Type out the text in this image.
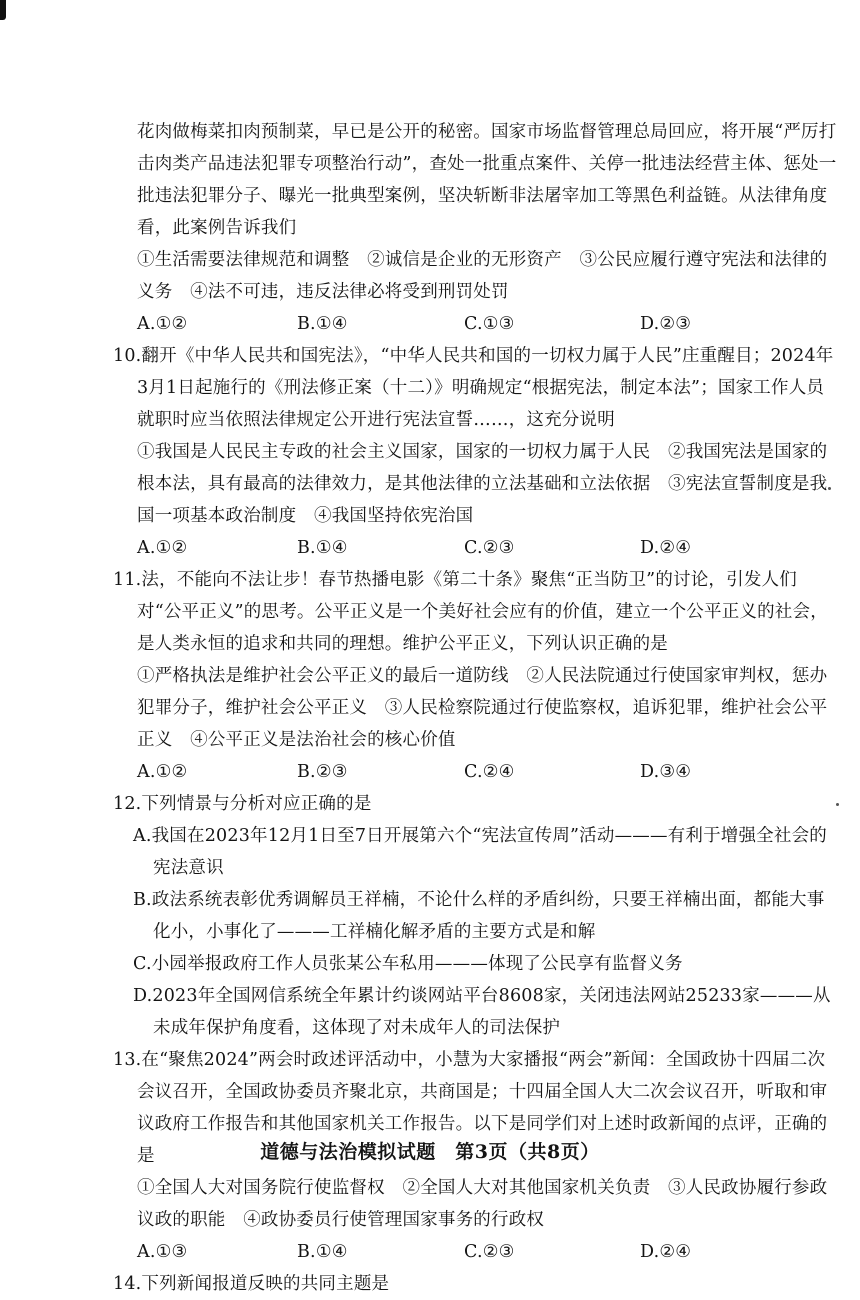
花肉做梅菜扣肉预制菜，早已是公开的秘密。国家市场监督管理总局回应，将开展“严厉打击肉类产品违法犯罪专项整治行动”，查处一批重点案件、关停一批违法经营主体、惩处一批违法犯罪分子、曝光一批典型案例，坚决斩断非法屠宰加工等黑色利益链。从法律角度看，此案例告诉我们
①生活需要法律规范和调整　②诚信是企业的无形资产　③公民应履行遵守宪法和法律的义务　④法不可违，违反法律必将受到刑罚处罚
A.①②	B.①④	C.①③	D.②③
10.翻开《中华人民共和国宪法》，“中华人民共和国的一切权力属于人民”庄重醒目；2024年3月1日起施行的《刑法修正案（十二）》明确规定“根据宪法，制定本法”；国家工作人员就职时应当依照法律规定公开进行宪法宣誓……，这充分说明
①我国是人民民主专政的社会主义国家，国家的一切权力属于人民　②我国宪法是国家的根本法，具有最高的法律效力，是其他法律的立法基础和立法依据　③宪法宣誓制度是我国一项基本政治制度　④我国坚持依宪治国
A.①②	B.①④	C.②③	D.②④
11.法，不能向不法让步！春节热播电影《第二十条》聚焦“正当防卫”的讨论，引发人们对“公平正义”的思考。公平正义是一个美好社会应有的价值，建立一个公平正义的社会，是人类永恒的追求和共同的理想。维护公平正义，下列认识正确的是
①严格执法是维护社会公平正义的最后一道防线　②人民法院通过行使国家审判权，惩办犯罪分子，维护社会公平正义　③人民检察院通过行使监察权，追诉犯罪，维护社会公平正义　④公平正义是法治社会的核心价值
A.①②	B.②③	C.②④	D.③④
12.下列情景与分析对应正确的是
A.我国在2023年12月1日至7日开展第六个“宪法宣传周”活动———有利于增强全社会的宪法意识
B.政法系统表彰优秀调解员王祥楠，不论什么样的矛盾纠纷，只要王祥楠出面，都能大事化小，小事化了———工祥楠化解矛盾的主要方式是和解
C.小园举报政府工作人员张某公车私用———体现了公民享有监督义务
D.2023年全国网信系统全年累计约谈网站平台8608家，关闭违法网站25233家———从未成年保护角度看，这体现了对未成年人的司法保护
13.在“聚焦2024”两会时政述评活动中，小慧为大家播报“两会”新闻：全国政协十四届二次会议召开，全国政协委员齐聚北京，共商国是；十四届全国人大二次会议召开，听取和审议政府工作报告和其他国家机关工作报告。以下是同学们对上述时政新闻的点评，正确的是
①全国人大对国务院行使监督权　②全国人大对其他国家机关负责　③人民政协履行参政议政的职能　④政协委员行使管理国家事务的行政权
A.①③	B.①④	C.②③	D.②④
14.下列新闻报道反映的共同主题是
道德与法治模拟试题　第3页（共8页）
